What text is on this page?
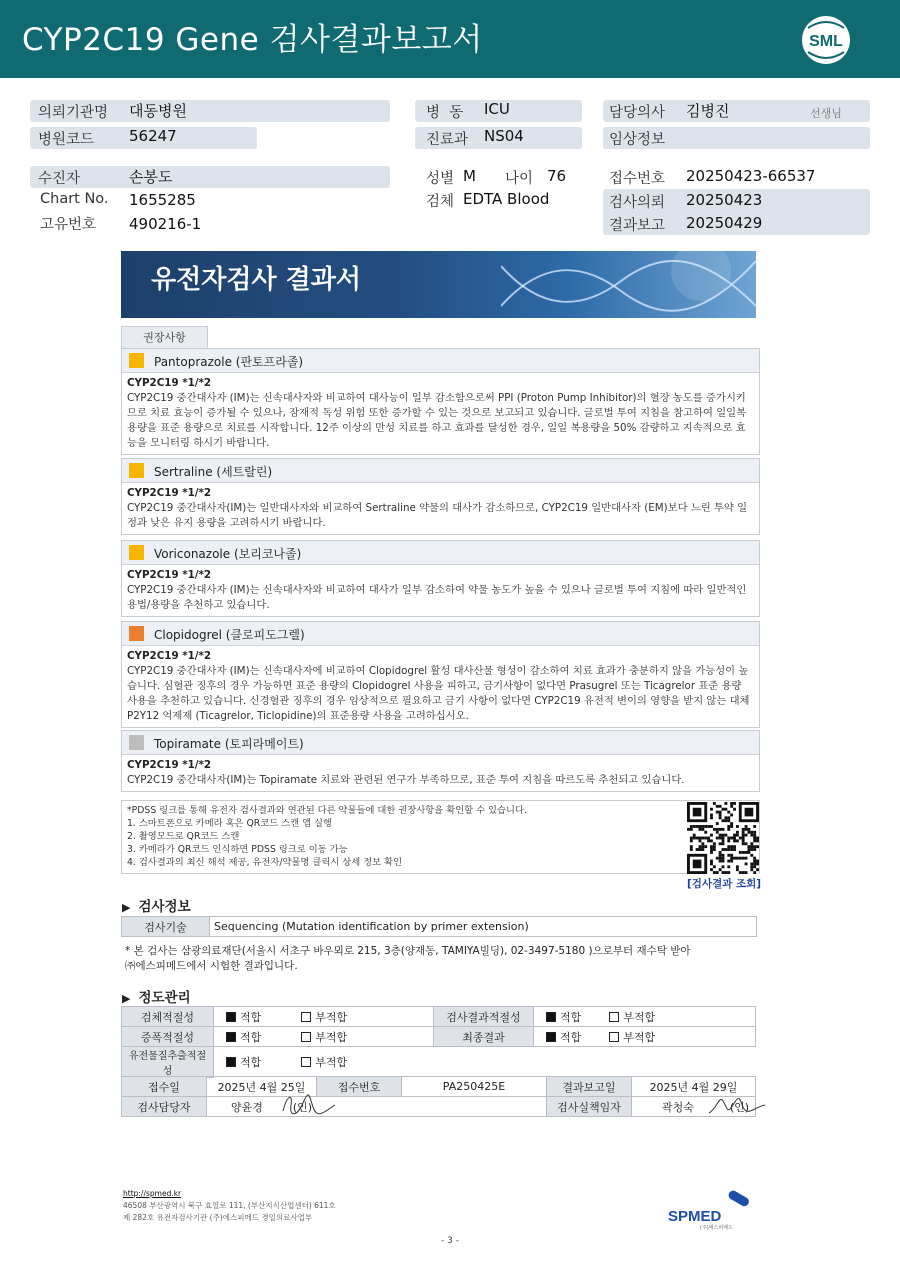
CYP2C19 Gene 검사결과보고서	SML
의뢰기관명 대동병원
병원코드 56247
병  동 ICU
진료과 NS04
담당의사 김병진	선생님
임상정보
수진자	손봉도
Chart No. 1655285
고유번호 490216-1
성별 M 나이 76
검체 EDTA Blood
접수번호 20250423-66537
검사의뢰 20250423
결과보고 20250429
유전자검사 결과서
권장사항
Pantoprazole (판토프라졸)
CYP2C19 *1/*2
CYP2C19 중간대사자 (IM)는 신속대사자와 비교하여 대사능이 일부 감소함으로써 PPI (Proton Pump Inhibitor)의 혈장 농도를 증가시키므로 치료 효능이 증가될 수 있으나, 잠재적 독성 위험 또한 증가할 수 있는 것으로 보고되고 있습니다. 글로벌 투여 지침을 참고하여 일일복용량을 표준 용량으로 치료를 시작합니다. 12주 이상의 만성 치료를 하고 효과를 달성한 경우, 일일 복용량을 50% 감량하고 지속적으로 효능을 모니터링 하시기 바랍니다.
Sertraline (세트랄린)
CYP2C19 *1/*2
CYP2C19 중간대사자(IM)는 일반대사자와 비교하여 Sertraline 약물의 대사가 감소하므로, CYP2C19 일반대사자 (EM)보다 느린 투약 일정과 낮은 유지 용량을 고려하시기 바랍니다.
Voriconazole (보리코나졸)
CYP2C19 *1/*2
CYP2C19 중간대사자 (IM)는 신속대사자와 비교하여 대사가 일부 감소하여 약물 농도가 높을 수 있으나 글로벌 투여 지침에 따라 일반적인 용법/용량을 추천하고 있습니다.
Clopidogrel (클로피도그렐)
CYP2C19 *1/*2
CYP2C19 중간대사자 (IM)는 신속대사자에 비교하여 Clopidogrel 활성 대사산물 형성이 감소하여 치료 효과가 충분하지 않을 가능성이 높습니다. 심혈관 징후의 경우 가능하면 표준 용량의 Clopidogrel 사용을 피하고, 금기사항이 없다면 Prasugrel 또는 Ticagrelor 표준 용량 사용을 추천하고 있습니다. 신경혈관 징후의 경우 임상적으로 필요하고 금기 사항이 없다면 CYP2C19 유전적 변이의 영향을 받지 않는 대체 P2Y12 억제제 (Ticagrelor, Ticlopidine)의 표준용량 사용을 고려하십시오.
Topiramate (토피라메이트)
CYP2C19 *1/*2
CYP2C19 중간대사자(IM)는 Topiramate 치료와 관련된 연구가 부족하므로, 표준 투여 지침을 따르도록 추천되고 있습니다.
*PDSS 링크를 통해 유전자 검사결과와 연관된 다른 약물들에 대한 권장사항을 확인할 수 있습니다.
1. 스마트폰으로 카메라 혹은 QR코드 스캔 앱 실행
2. 촬영모드로 QR코드 스캔
3. 카메라가 QR코드 인식하면 PDSS 링크로 이동 가능
4. 검사결과의 최신 해석 제공, 유전자/약물명 클릭시 상세 정보 확인
[검사결과 조회]
▶ 검사정보
검사기술	Sequencing (Mutation identification by primer extension)
* 본 검사는 삼광의료재단(서울시 서초구 바우뫼로 215, 3층(양재동, TAMIYA빌딩), 02-3497-5180 )으로부터 재수탁 받아
㈜에스피메드에서 시험한 결과입니다.
▶ 정도관리
검체적절성	적합 부적합		검사결과적절성	적합 부적합
증폭적절성	적합 부적합		최종결과	적합 부적합
유전물질추출적절성	적합 부적합			
접수일	2025년 4월 25일	접수번호	PA250425E	결과보고일	2025년 4월 29일
검사담당자	양윤경 (인)			검사실책임자	곽청숙 (인)
http://spmed.kr
46508 부산광역시 북구 효열로 111, (부산지식산업센터) 611호
제 282호 유전자검사기관 (주)에스피메드 경일의료사업부	SPMED
(주)에스피메드
- 3 -
